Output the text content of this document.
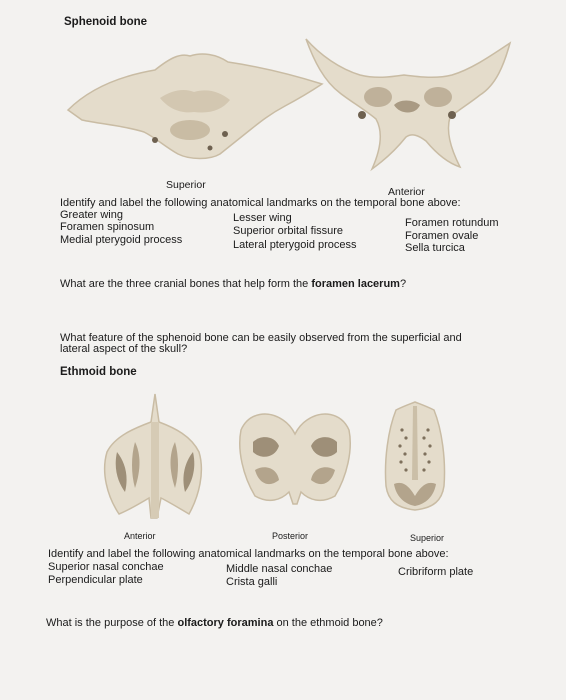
Sphenoid bone
Superior
Anterior
Identify and label the following anatomical landmarks on the temporal bone above:
Greater wing
Foramen spinosum
Medial pterygoid process
Lesser wing
Superior orbital fissure
Lateral pterygoid process
Foramen rotundum
Foramen ovale
Sella turcica
What are the three cranial bones that help form the foramen lacerum?
What feature of the sphenoid bone can be easily observed from the superficial and
lateral aspect of the skull?
Ethmoid bone
Anterior	Posterior	Superior
Identify and label the following anatomical landmarks on the temporal bone above:
Superior nasal conchae
Perpendicular plate
Middle nasal conchae
Crista galli
Cribriform plate
What is the purpose of the olfactory foramina on the ethmoid bone?
